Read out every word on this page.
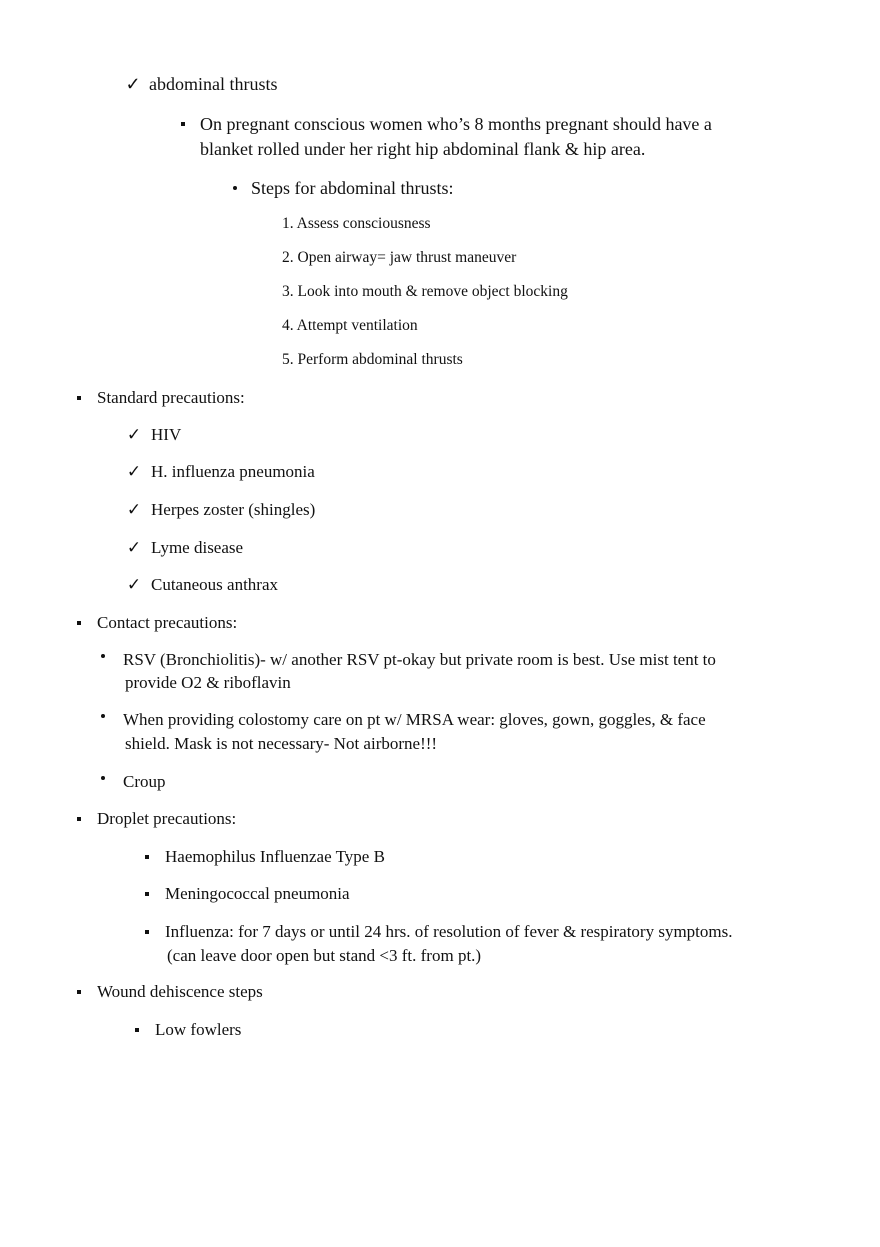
✓ abdominal thrusts
On pregnant conscious women who’s 8 months pregnant should have a
blanket rolled under her right hip abdominal flank & hip area.
Steps for abdominal thrusts:
1. Assess consciousness
2. Open airway= jaw thrust maneuver
3. Look into mouth & remove object blocking
4. Attempt ventilation
5. Perform abdominal thrusts
Standard precautions:
✓ HIV
✓ H. influenza pneumonia
✓ Herpes zoster (shingles)
✓ Lyme disease
✓ Cutaneous anthrax
Contact precautions:
RSV (Bronchiolitis)- w/ another RSV pt-okay but private room is best. Use mist tent to
provide O2 & riboflavin
When providing colostomy care on pt w/ MRSA wear: gloves, gown, goggles, & face
shield. Mask is not necessary- Not airborne!!!
Croup
Droplet precautions:
Haemophilus Influenzae Type B
Meningococcal pneumonia
Influenza: for 7 days or until 24 hrs. of resolution of fever & respiratory symptoms.
(can leave door open but stand <3 ft. from pt.)
Wound dehiscence steps
Low fowlers
